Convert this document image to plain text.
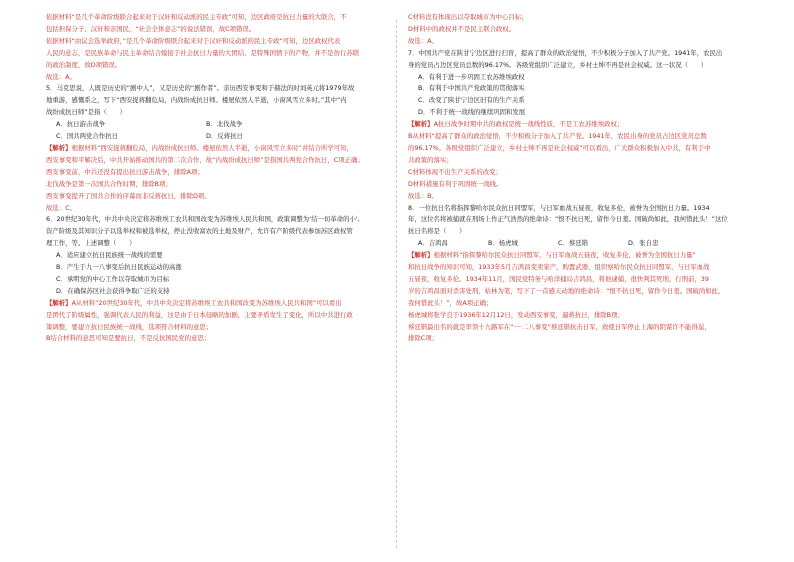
依据材料“是几个革命阶级联合起来对于汉奸和反动派的民主专政”可知，边区政府是抗日力量的大联合，不
包括担保分子、汉奸和亲国民，“社会全体意志”的说法错误，故C项错误。
依据材料“由议会选举政府，”是几个革命阶级联合起来对于汉奸和反动派的民主专政“可知，边区政权代表
人民的意志，是民族革命与民主革命结合嫁接于社会抗日力量的大团结，是特殊国情下的产物，并不是仿行苏联
的政治制度，故D项错误。
故选：A。
5．马克思说，人既是历史的“剧中人”，又是历史的“剧作者”。亲历西安事变和于赫法的时刘英元将1979年故
地重游，感慨系之，写下“西安捉蒋翻危局，内战纷成抗日师。楼屋依然人半逝，小窗风雪立多时。”其中“内
战纷成抗日师”是指（　　）
A．抗日游击战争	B．北伐战争
C．国共两党合作抗日	D．反蒋抗日
【解析】根据材料“西安捉蒋翻危局，内战纷成抗日师。楼屋依然人半逝，小窗风雪立多时”并结合所学可知，
西安事变和平解决后，中共开始推动国共的第二次合作，故“内战纷成抗日师”是指国共两党合作抗日，C项正确；
西安事变前，中共还没有提出抗日游击战争，排除A项；
北伐战争是第一次国共合作时期，排除B项；
西安事变提开了国共合作的序幕而非反蒋抗日，排除D项。
故选：C。
6．20世纪30年代，中共中央决定将苏维埃工农共和国改变为苏维埃人民共和国，政策调整为‘结一切革命的小',
资产阶级及其知识分子以选举权和被选举权，停止没收富农的土地及财产，允许有产阶级代表参加苏区政权管
理工作，等。上述调整（　　）
A．适应建立抗日民族统一战线的需要
B．产生于九一八事变后抗日民族运动的高涨
C．承明党的中心工作以夺取城市为目标
D．在确保苏区社会获得争取广泛的支持
【解析】A从材料“20世纪30年代，中共中央决定将苏维埃工农共和国改变为苏维埃人民共和国”可以看出
是团代了阶级属性，强调代表人民的利益，这是由于日本侵略的加剧，主要矛盾发生了变化，所以中共进行政
策调整，要建立抗日民族统一战线，选项符合材料的意思；
B结合材料的意思可知是要抗日，不是反抗国民党的意思；
C材料没有体现出以夺取城市为中心目标；
D材料中的政权并不是民主联合政权。
故选：A。
7．中国共产党在陕甘宁边区进行扫盲，提高了群众的政治觉悟，不少积极分子加入了共产党。1941年，农民出
身的党员占边区党员总数的96.17%。各级党组织广泛建立，乡村士绅不再是社会权威。这一状况（　　）
A．有利于进一步巩固工农苏维埃政权
B．有利于中国共产党政策的贯彻落实
C．改变了陕甘宁边区旧有的生产关系
D．不利于统一战线的继续巩固和发展
【解析】A抗日战争时期中共的政权是统一战线性质，不是工农苏维埃政权；
B从材料“提高了群众的政治觉悟，不少积极分子加入了共产党。1941年，农民出身的党员占边区党员总数
的96.17%。各级党组织广泛建立，乡村士绅不再是社会权威”可以看出，广大群众积极加入中共，有利于中
共政策的落实；
C材料体现不出生产关系的改变；
D材料措施有利于巩固统一战线。
故选：B。
8．一位抗日名将指挥黎哈尔民众抗日同盟军，与日军血战五昼夜，收复多伦，被誉为全国抗日力量。1934
年，这位名将被捕就在刑场上作正气浩然的绝命诗：“恨不抗日死，留作今日羞。国破尚如此，我何惜此头！”这位
抗日名将是（　　）
A．吉鸿昌	B．杨虎城	C．蔡廷锴	D．张自忠
【解析】根据材料“指挥黎哈尔民众抗日同盟军，与日军血战五昼夜，收复多伦，被誉为全国抗日力量”
和抗日战争的知识可知，1933年5月吉鸿昌变卖家产，购置武器，组织察哈尔民众抗日同盟军，与日军血战
五昼夜，收复多伦。1934年11月，国民党特务与哈洋捕局吉鸿昌，将他逮捕，很快判其死刑，行刑前，39
岁的吉鸿昌面对杀害处刑，枯林为笔，写下了一首感天动地的绝命诗：“恨不抗日死，留作今日羞。国破尚如此，
我何惜此头！”，故A项正确；
杨虎城将张学良于1936年12月12日，发动西安事变，逼蒋抗日，排除B项；
蔡廷锴最出名的就是率领十九路军在“一·二八事变”蔡廷锴抗击日军，致使日军停止上海的阴谋许不能得逞，
排除C项；
